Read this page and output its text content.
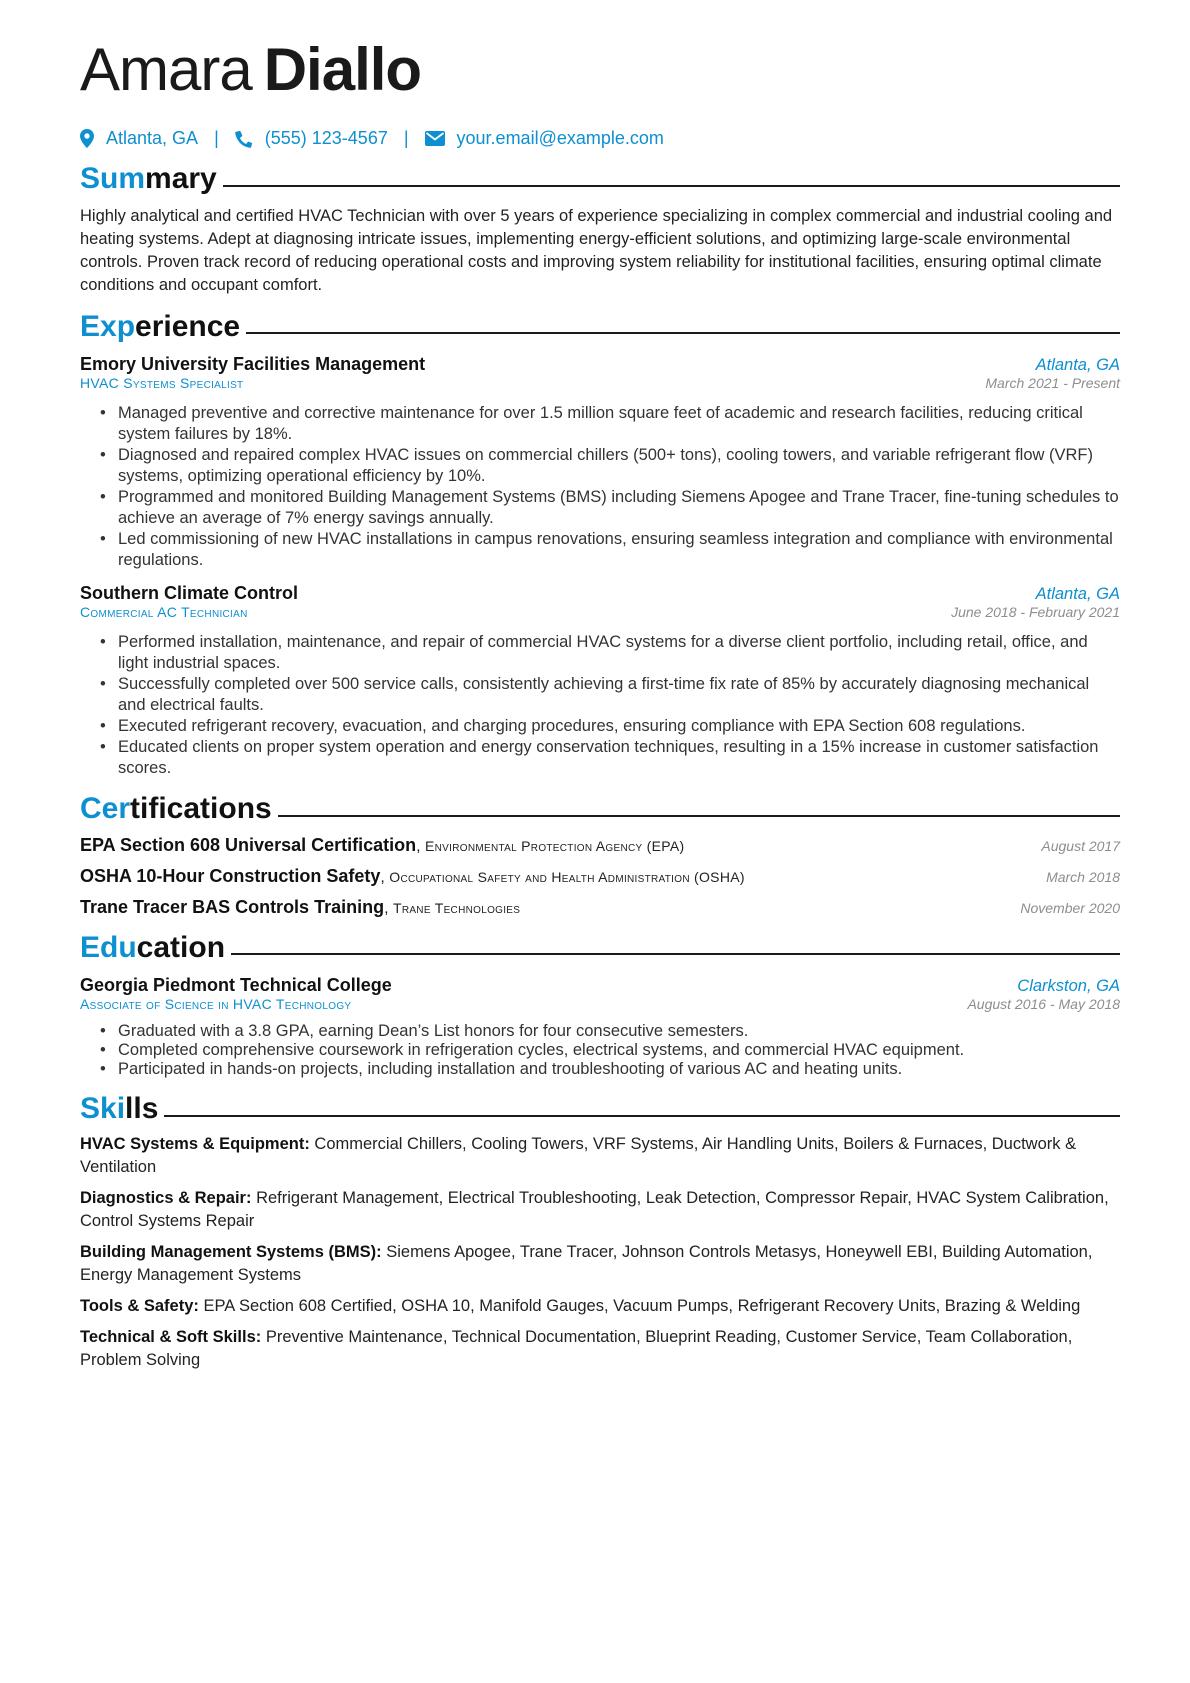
Amara Diallo
Atlanta, GA |	(555) 123-4567 |	your.email@example.com
Summary

Highly analytical and certified HVAC Technician with over 5 years of experience specializing in complex commercial and industrial cooling and heating systems. Adept at diagnosing intricate issues, implementing energy-efficient solutions, and optimizing large-scale environmental controls. Proven track record of reducing operational costs and improving system reliability for institutional facilities, ensuring optimal climate conditions and occupant comfort.

Experience
Emory University Facilities Management	Atlanta, GA
HVAC Systems Specialist	March 2021 - Present
• Managed preventive and corrective maintenance for over 1.5 million square feet of academic and research facilities, reducing critical system failures by 18%.
• Diagnosed and repaired complex HVAC issues on commercial chillers (500+ tons), cooling towers, and variable refrigerant flow (VRF) systems, optimizing operational efficiency by 10%.
• Programmed and monitored Building Management Systems (BMS) including Siemens Apogee and Trane Tracer, fine-tuning schedules to achieve an average of 7% energy savings annually.
• Led commissioning of new HVAC installations in campus renovations, ensuring seamless integration and compliance with environmental regulations.
Southern Climate Control	Atlanta, GA
Commercial AC Technician	June 2018 - February 2021
• Performed installation, maintenance, and repair of commercial HVAC systems for a diverse client portfolio, including retail, office, and light industrial spaces.
• Successfully completed over 500 service calls, consistently achieving a first-time fix rate of 85% by accurately diagnosing mechanical and electrical faults.
• Executed refrigerant recovery, evacuation, and charging procedures, ensuring compliance with EPA Section 608 regulations.
• Educated clients on proper system operation and energy conservation techniques, resulting in a 15% increase in customer satisfaction scores.
Certifications
EPA Section 608 Universal Certification, Environmental Protection Agency (EPA)	August 2017
OSHA 10-Hour Construction Safety, Occupational Safety and Health Administration (OSHA)	March 2018
Trane Tracer BAS Controls Training, Trane Technologies	November 2020
Education
Georgia Piedmont Technical College	Clarkston, GA
Associate of Science in HVAC Technology	August 2016 - May 2018
• Graduated with a 3.8 GPA, earning Dean’s List honors for four consecutive semesters.
• Completed comprehensive coursework in refrigeration cycles, electrical systems, and commercial HVAC equipment.
• Participated in hands-on projects, including installation and troubleshooting of various AC and heating units.
Skills
HVAC Systems & Equipment: Commercial Chillers, Cooling Towers, VRF Systems, Air Handling Units, Boilers & Furnaces, Ductwork & Ventilation
Diagnostics & Repair: Refrigerant Management, Electrical Troubleshooting, Leak Detection, Compressor Repair, HVAC System Calibration, Control Systems Repair
Building Management Systems (BMS): Siemens Apogee, Trane Tracer, Johnson Controls Metasys, Honeywell EBI, Building Automation, Energy Management Systems
Tools & Safety: EPA Section 608 Certified, OSHA 10, Manifold Gauges, Vacuum Pumps, Refrigerant Recovery Units, Brazing & Welding
Technical & Soft Skills: Preventive Maintenance, Technical Documentation, Blueprint Reading, Customer Service, Team Collaboration, Problem Solving
